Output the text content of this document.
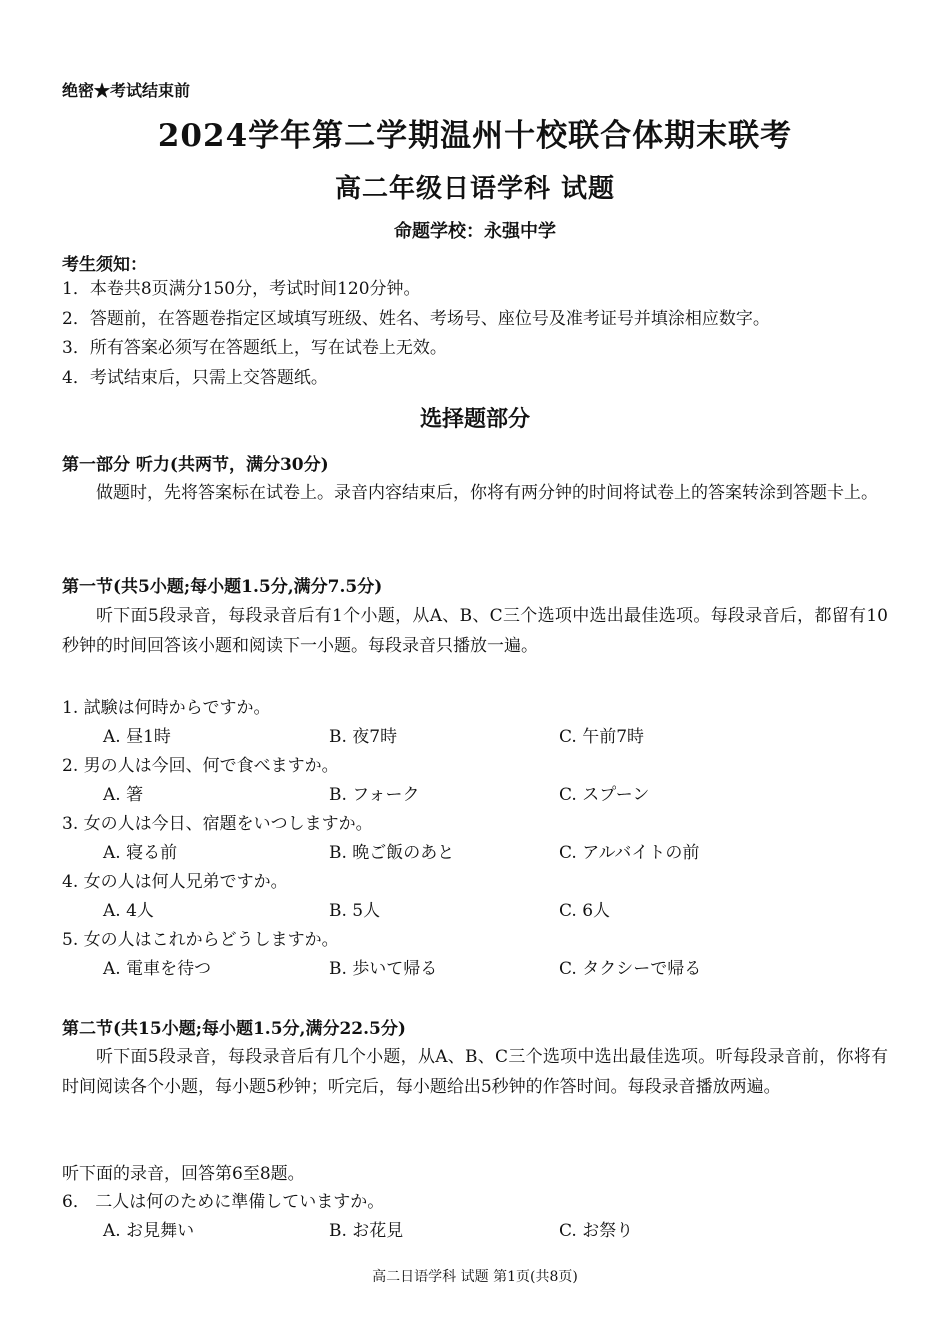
绝密★考试结束前
2024学年第二学期温州十校联合体期末联考
高二年级日语学科 试题
命题学校：永强中学
考生须知：
1．本卷共8页满分150分，考试时间120分钟。
2．答题前，在答题卷指定区域填写班级、姓名、考场号、座位号及准考证号并填涂相应数字。
3．所有答案必须写在答题纸上，写在试卷上无效。
4．考试结束后，只需上交答题纸。
选择题部分
第一部分 听力(共两节，满分30分)
做题时，先将答案标在试卷上。录音内容结束后，你将有两分钟的时间将试卷上的答案转涂到答题卡上。
第一节(共5小题;每小题1.5分,满分7.5分)
听下面5段录音，每段录音后有1个小题，从A、B、C三个选项中选出最佳选项。每段录音后，都留有10秒钟的时间回答该小题和阅读下一小题。每段录音只播放一遍。
1. 試験は何時からですか。
A. 昼1時	B. 夜7時	C. 午前7時
2. 男の人は今回、何で食べますか。
A. 箸	B. フォーク	C. スプーン
3. 女の人は今日、宿題をいつしますか。
A. 寝る前	B. 晩ご飯のあと	C. アルバイトの前
4. 女の人は何人兄弟ですか。
A. 4人	B. 5人	C. 6人
5. 女の人はこれからどうしますか。
A. 電車を待つ	B. 歩いて帰る	C. タクシーで帰る
第二节(共15小题;每小题1.5分,满分22.5分)
听下面5段录音，每段录音后有几个小题，从A、B、C三个选项中选出最佳选项。听每段录音前，你将有时间阅读各个小题，每小题5秒钟；听完后，每小题给出5秒钟的作答时间。每段录音播放两遍。
听下面的录音，回答第6至8题。
6． 二人は何のために準備していますか。
A. お見舞い	B. お花見	C. お祭り
高二日语学科 试题 第1页(共8页)
